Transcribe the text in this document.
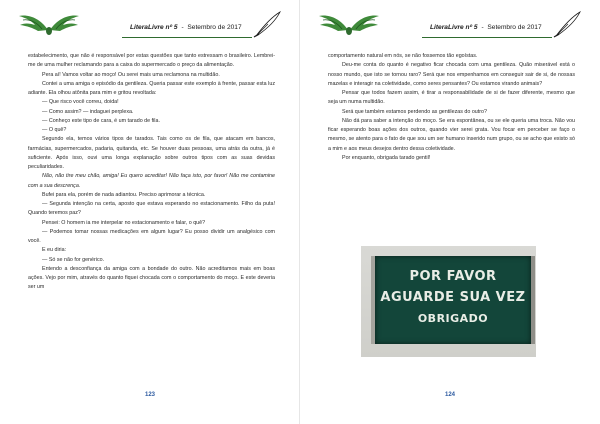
LiteraLivre nº 5 - Setembro de 2017

estabelecimento, que não é responsável por estas questões que tanto estressam o brasileiro. Lembrei-me de uma mulher reclamando para a caixa do supermercado o preço da alimentação.

Pera aí! Vamos voltar ao moço! Ou serei mais uma reclamona na multidão.

Contei a uma amiga o episódio da gentileza. Queria passar este exemplo à frente, passar esta luz adiante. Ela olhou atônita para mim e gritou revoltada:

— Que risco você correu, doida!

— Como assim? — indaguei perplexa.

— Conheço este tipo de cara, é um tarado de fila.

— O quê?

Segundo ela, temos vários tipos de tarados. Tais como os de fila, que atacam em bancos, farmácias, supermercados, padaria, quitanda, etc. Se houver duas pessoas, uma atrás da outra, já é suficiente. Após isso, ouvi uma longa explanação sobre outros tipos com as suas devidas peculiaridades.

Não, não tire meu chão, amiga! Eu quero acreditar! Não faça isto, por favor! Não me contamine com a sua descrença.

Bufei para ela, porém de nada adiantou. Preciso aprimorar a técnica.

— Segunda intenção na certa, aposto que estava esperando no estacionamento. Filho da puta! Quando teremos paz?

Pensei: O homem ia me interpelar no estacionamento e falar, o quê?

— Podemos tomar nossas medicações em algum lugar? Eu posso dividir um analgésico com você.

E eu diria:

— Só se não for genérico.

Entendo a desconfiança da amiga com a bondade do outro. Não acreditamos mais em boas ações. Vejo por mim, através do quanto fiquei chocada com o comportamento do moço. E este deveria ser um

123
LiteraLivre nº 5 - Setembro de 2017

comportamento natural em nós, se não fossemos tão egoístas.

Deu-me conta do quanto é negativo ficar chocada com uma gentileza. Quão miserável está o nosso mundo, que isto se tornou raro? Será que nos empenhamos em conseguir sair de si, de nossas mazelas e interagir na coletividade, como seres pensantes? Ou estamos virando animais?

Pensar que todos fazem assim, é tirar a responsabilidade de si de fazer diferente, mesmo que seja um numa multidão.

Será que também estamos perdendo as gentilezas do outro?

Não dá para saber a intenção do moço. Se era espontânea, ou se ele queria uma troca. Não vou ficar esperando boas ações dos outros, quando vier serei grata. Vou focar em perceber se faço o mesmo, se atento para o fato de que sou um ser humano inserido num grupo, ou se acho que existo só a mim e aos meus desejos dentro dessa coletividade.

Por enquanto, obrigada tarado gentil!

POR FAVOR
AGUARDE SUA VEZ
OBRIGADO
124
